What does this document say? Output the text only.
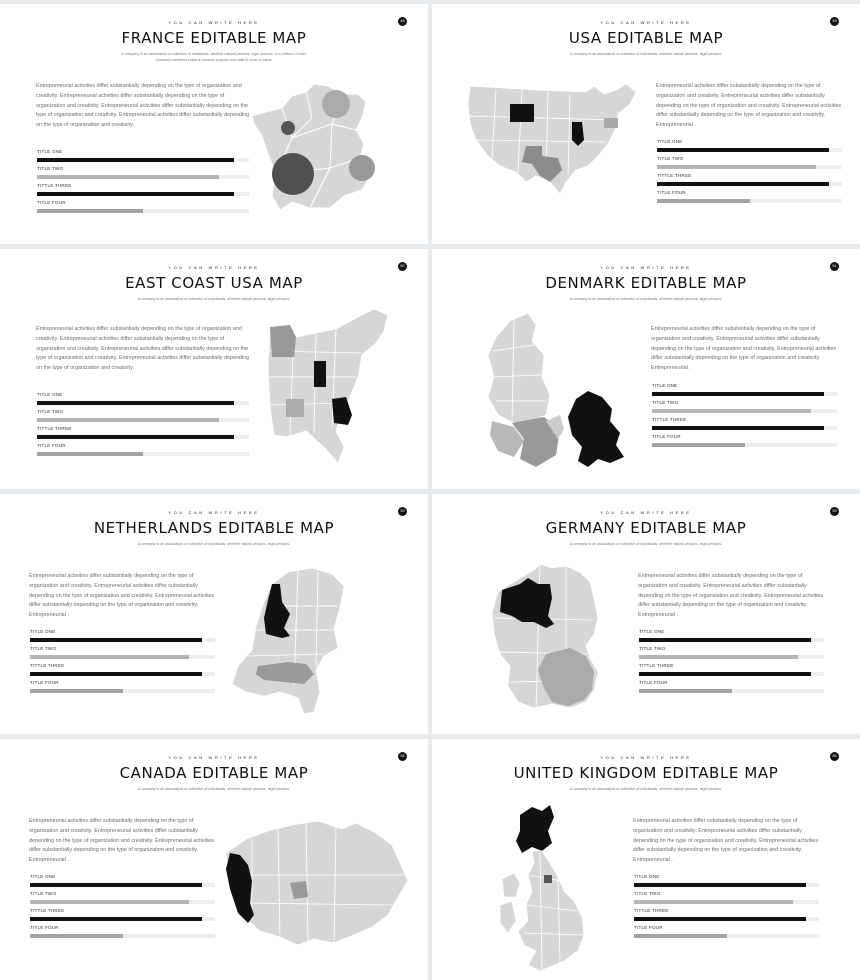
YOU CAN WRITE HERE	48
FRANCE EDITABLE MAP
A company is an association or collection of individuals, whether natural persons, legal persons, or a mixture of both.
Company members share a common purpose and unite in order to focus.
Entrepreneurial activities differ substantially depending on the type of organization and creativity. Entrepreneurial activities differ substantially depending on the type of organization and creativity. Entrepreneurial activities differ substantially depending on the type of organization and creativity. Entrepreneurial activities differ substantially depending on the type of organization and creativity.
TITLE ONE
TITLE TWO
TITTLE THREE
TITLE FOUR
YOU CAN WRITE HERE	49
USA EDITABLE MAP
A company is an association or collection of individuals, whether natural persons, legal persons.
Entrepreneurial activities differ substantially depending on the type of organization and creativity. Entrepreneurial activities differ substantially depending on the type of organization and creativity. Entrepreneurial activities differ substantially depending on the type of organization and creativity. Entrepreneurial .
TITLE ONE
TITLE TWO
TITTLE THREE
TITLE FOUR
YOU CAN WRITE HERE	50
EAST COAST USA MAP
A company is an association or collection of individuals, whether natural persons, legal persons.
Entrepreneurial activities differ substantially depending on the type of organization and creativity. Entrepreneurial activities differ substantially depending on the type of organization and creativity. Entrepreneurial activities differ substantially depending on the type of organization and creativity. Entrepreneurial activities differ substantially depending on the type of organization and creativity.
TITLE ONE
TITLE TWO
TITTLE THREE
TITLE FOUR
YOU CAN WRITE HERE	51
DENMARK EDITABLE MAP
A company is an association or collection of individuals, whether natural persons, legal persons.
Entrepreneurial activities differ substantially depending on the type of organization and creativity. Entrepreneurial activities differ substantially depending on the type of organization and creativity. Entrepreneurial activities differ substantially depending on the type of organization and creativity. Entrepreneurial .
TITLE ONE
TITLE TWO
TITTLE THREE
TITLE FOUR
YOU CAN WRITE HERE	52
NETHERLANDS EDITABLE MAP
A company is an association or collection of individuals, whether natural persons, legal persons.
Entrepreneurial activities differ substantially depending on the type of organization and creativity. Entrepreneurial activities differ substantially depending on the type of organization and creativity. Entrepreneurial activities differ substantially depending on the type of organization and creativity. Entrepreneurial .
TITLE ONE
TITLE TWO
TITTLE THREE
TITLE FOUR
YOU CAN WRITE HERE	53
GERMANY EDITABLE MAP
A company is an association or collection of individuals, whether natural persons, legal persons.
Entrepreneurial activities differ substantially depending on the type of organization and creativity. Entrepreneurial activities differ substantially depending on the type of organization and creativity. Entrepreneurial activities differ substantially depending on the type of organization and creativity. Entrepreneurial .
TITLE ONE
TITLE TWO
TITTLE THREE
TITLE FOUR
YOU CAN WRITE HERE	54
CANADA EDITABLE MAP
A company is an association or collection of individuals, whether natural persons, legal persons.
Entrepreneurial activities differ substantially depending on the type of organization and creativity. Entrepreneurial activities differ substantially depending on the type of organization and creativity. Entrepreneurial activities differ substantially depending on the type of organization and creativity. Entrepreneurial .
TITLE ONE
TITLE TWO
TITTLE THREE
TITLE FOUR
YOU CAN WRITE HERE	55
UNITED KINGDOM EDITABLE MAP
A company is an association or collection of individuals, whether natural persons, legal persons.
Entrepreneurial activities differ substantially depending on the type of organization and creativity. Entrepreneurial activities differ substantially depending on the type of organization and creativity. Entrepreneurial activities differ substantially depending on the type of organization and creativity. Entrepreneurial .
TITLE ONE
TITLE TWO
TITTLE THREE
TITLE FOUR
